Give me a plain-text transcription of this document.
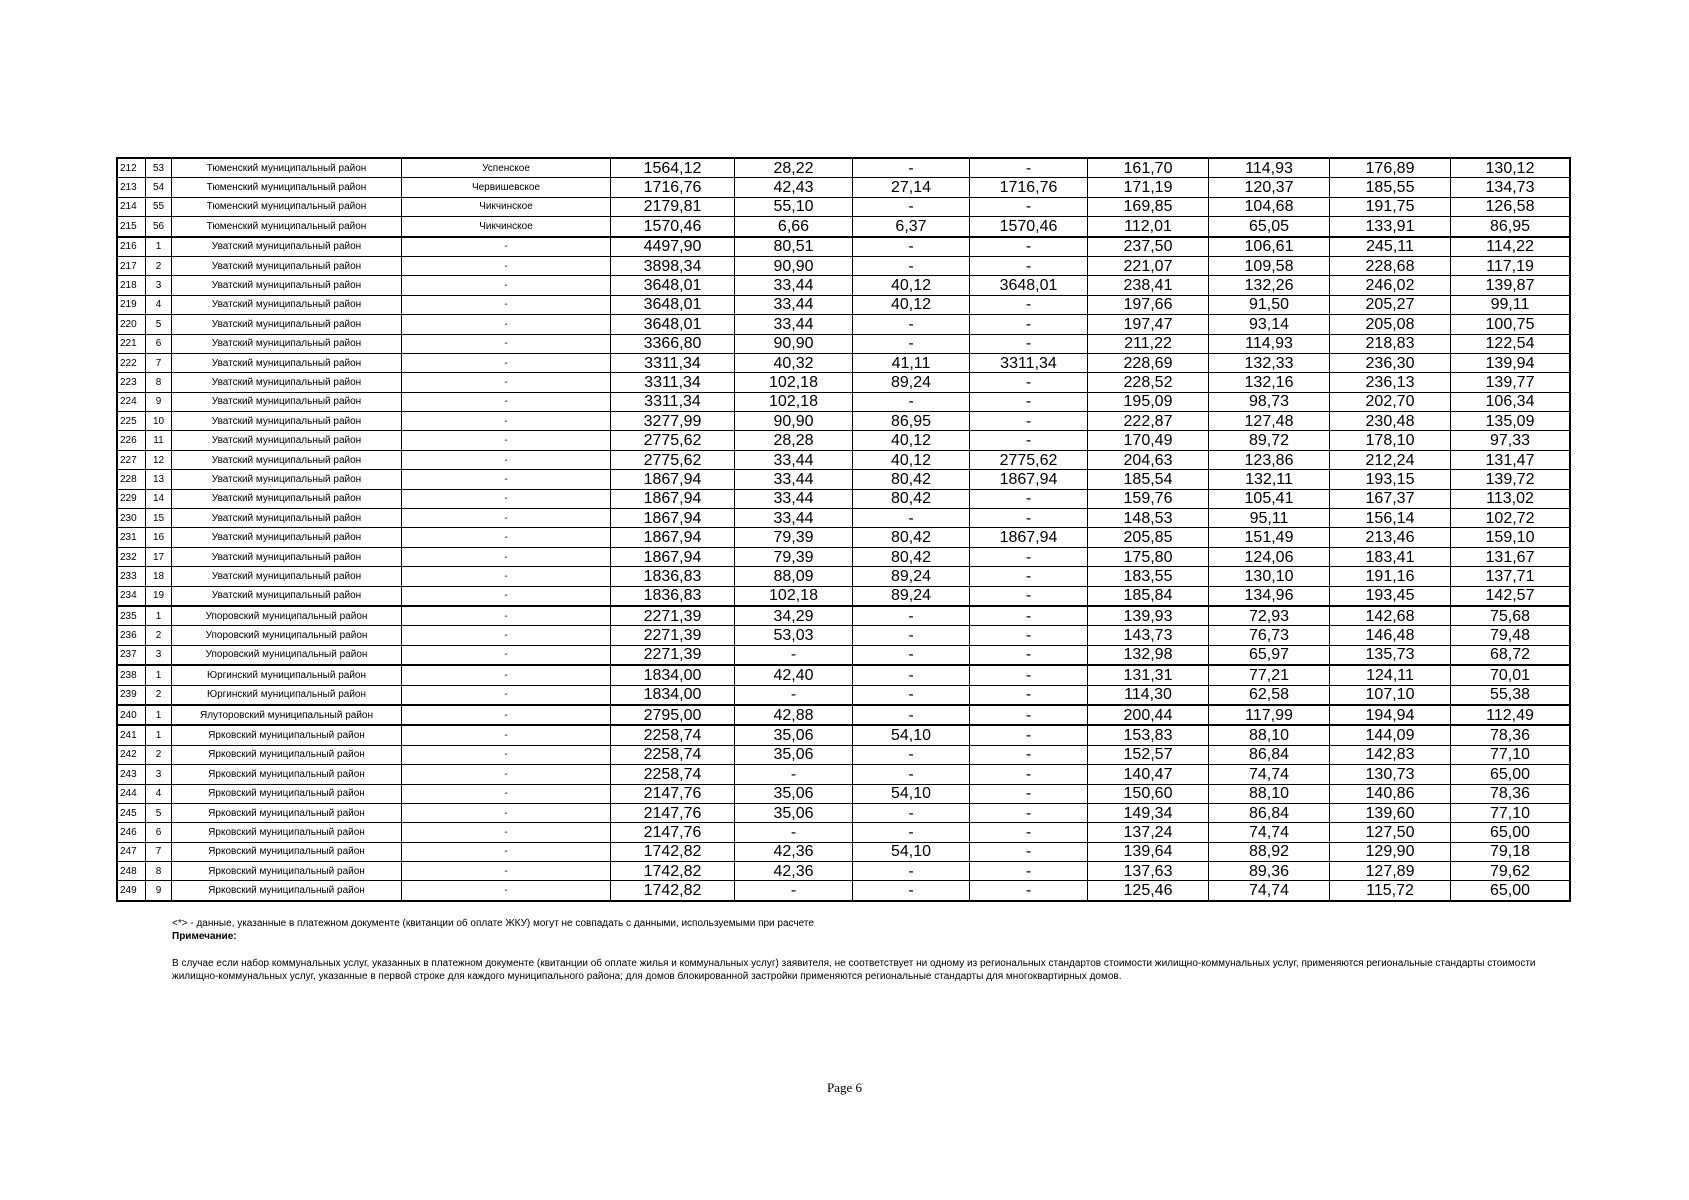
212	53	Тюменский муниципальный район	Успенское	1564,12	28,22	-	-	161,70	114,93	176,89	130,12
213	54	Тюменский муниципальный район	Червишевское	1716,76	42,43	27,14	1716,76	171,19	120,37	185,55	134,73
214	55	Тюменский муниципальный район	Чикчинское	2179,81	55,10	-	-	169,85	104,68	191,75	126,58
215	56	Тюменский муниципальный район	Чикчинское	1570,46	6,66	6,37	1570,46	112,01	65,05	133,91	86,95
216	1	Уватский муниципальный район	-	4497,90	80,51	-	-	237,50	106,61	245,11	114,22
217	2	Уватский муниципальный район	-	3898,34	90,90	-	-	221,07	109,58	228,68	117,19
218	3	Уватский муниципальный район	-	3648,01	33,44	40,12	3648,01	238,41	132,26	246,02	139,87
219	4	Уватский муниципальный район	-	3648,01	33,44	40,12	-	197,66	91,50	205,27	99,11
220	5	Уватский муниципальный район	-	3648,01	33,44	-	-	197,47	93,14	205,08	100,75
221	6	Уватский муниципальный район	-	3366,80	90,90	-	-	211,22	114,93	218,83	122,54
222	7	Уватский муниципальный район	-	3311,34	40,32	41,11	3311,34	228,69	132,33	236,30	139,94
223	8	Уватский муниципальный район	-	3311,34	102,18	89,24	-	228,52	132,16	236,13	139,77
224	9	Уватский муниципальный район	-	3311,34	102,18	-	-	195,09	98,73	202,70	106,34
225	10	Уватский муниципальный район	-	3277,99	90,90	86,95	-	222,87	127,48	230,48	135,09
226	11	Уватский муниципальный район	-	2775,62	28,28	40,12	-	170,49	89,72	178,10	97,33
227	12	Уватский муниципальный район	-	2775,62	33,44	40,12	2775,62	204,63	123,86	212,24	131,47
228	13	Уватский муниципальный район	-	1867,94	33,44	80,42	1867,94	185,54	132,11	193,15	139,72
229	14	Уватский муниципальный район	-	1867,94	33,44	80,42	-	159,76	105,41	167,37	113,02
230	15	Уватский муниципальный район	-	1867,94	33,44	-	-	148,53	95,11	156,14	102,72
231	16	Уватский муниципальный район	-	1867,94	79,39	80,42	1867,94	205,85	151,49	213,46	159,10
232	17	Уватский муниципальный район	-	1867,94	79,39	80,42	-	175,80	124,06	183,41	131,67
233	18	Уватский муниципальный район	-	1836,83	88,09	89,24	-	183,55	130,10	191,16	137,71
234	19	Уватский муниципальный район	-	1836,83	102,18	89,24	-	185,84	134,96	193,45	142,57
235	1	Упоровский муниципальный район	-	2271,39	34,29	-	-	139,93	72,93	142,68	75,68
236	2	Упоровский муниципальный район	-	2271,39	53,03	-	-	143,73	76,73	146,48	79,48
237	3	Упоровский муниципальный район	-	2271,39	-	-	-	132,98	65,97	135,73	68,72
238	1	Юргинский муниципальный район	-	1834,00	42,40	-	-	131,31	77,21	124,11	70,01
239	2	Юргинский муниципальный район	-	1834,00	-	-	-	114,30	62,58	107,10	55,38
240	1	Ялуторовский муниципальный район	-	2795,00	42,88	-	-	200,44	117,99	194,94	112,49
241	1	Ярковский муниципальный район	-	2258,74	35,06	54,10	-	153,83	88,10	144,09	78,36
242	2	Ярковский муниципальный район	-	2258,74	35,06	-	-	152,57	86,84	142,83	77,10
243	3	Ярковский муниципальный район	-	2258,74	-	-	-	140,47	74,74	130,73	65,00
244	4	Ярковский муниципальный район	-	2147,76	35,06	54,10	-	150,60	88,10	140,86	78,36
245	5	Ярковский муниципальный район	-	2147,76	35,06	-	-	149,34	86,84	139,60	77,10
246	6	Ярковский муниципальный район	-	2147,76	-	-	-	137,24	74,74	127,50	65,00
247	7	Ярковский муниципальный район	-	1742,82	42,36	54,10	-	139,64	88,92	129,90	79,18
248	8	Ярковский муниципальный район	-	1742,82	42,36	-	-	137,63	89,36	127,89	79,62
249	9	Ярковский муниципальный район	-	1742,82	-	-	-	125,46	74,74	115,72	65,00
<*> - данные, указанные в платежном документе (квитанции об оплате ЖКУ) могут не совпадать с данными, используемыми при расчете
Примечание:
В случае если набор коммунальных услуг, указанных в платежном документе (квитанции об оплате жилья и коммунальных услуг) заявителя, не соответствует ни одному из региональных стандартов стоимости жилищно-коммунальных услуг, применяются региональные стандарты стоимости жилищно-коммунальных услуг, указанные в первой строке для каждого муниципального района; для домов блокированной застройки применяются региональные стандарты для многоквартирных домов.
Page 6
